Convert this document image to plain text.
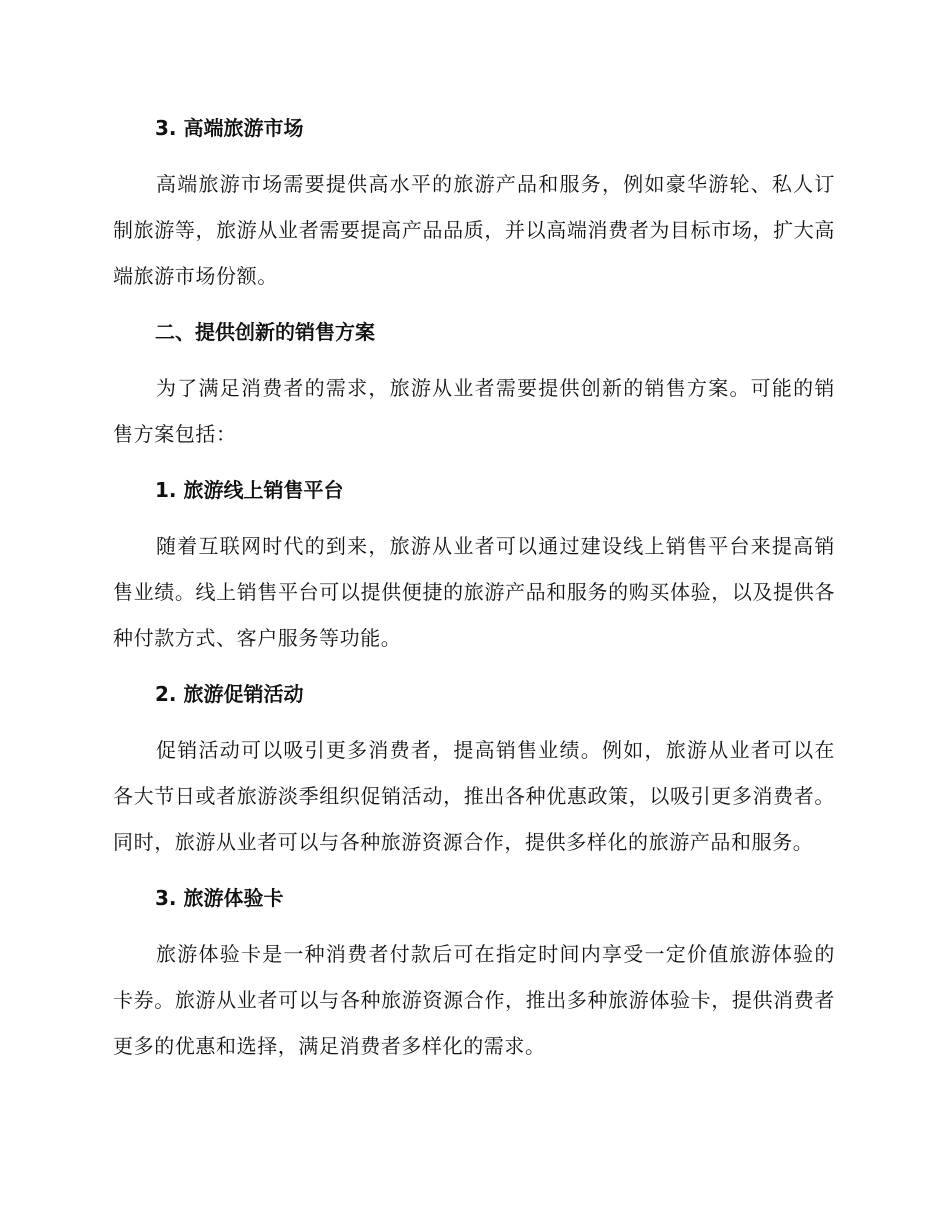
3. 高端旅游市场

高端旅游市场需要提供高水平的旅游产品和服务，例如豪华游轮、私人订制旅游等，旅游从业者需要提高产品品质，并以高端消费者为目标市场，扩大高端旅游市场份额。

二、提供创新的销售方案

为了满足消费者的需求，旅游从业者需要提供创新的销售方案。可能的销售方案包括：

1. 旅游线上销售平台

随着互联网时代的到来，旅游从业者可以通过建设线上销售平台来提高销售业绩。线上销售平台可以提供便捷的旅游产品和服务的购买体验，以及提供各种付款方式、客户服务等功能。

2. 旅游促销活动

促销活动可以吸引更多消费者，提高销售业绩。例如，旅游从业者可以在各大节日或者旅游淡季组织促销活动，推出各种优惠政策，以吸引更多消费者。同时，旅游从业者可以与各种旅游资源合作，提供多样化的旅游产品和服务。

3. 旅游体验卡

旅游体验卡是一种消费者付款后可在指定时间内享受一定价值旅游体验的卡券。旅游从业者可以与各种旅游资源合作，推出多种旅游体验卡，提供消费者更多的优惠和选择，满足消费者多样化的需求。
